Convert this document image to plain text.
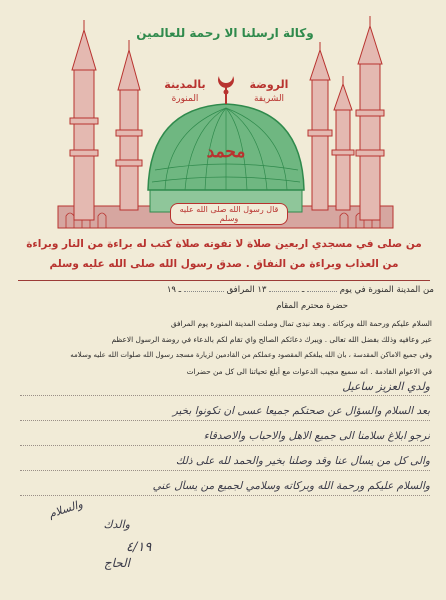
وكالة ارسلنا الا رحمة للعالمين
بالمدينة
المنورة
الروضة
الشريفة
محمد
قال رسول الله صلى الله عليه وسلم
من صلى في مسجدي اربعين صلاة لا تفوته صلاة كتب له براءة من النار وبراءة
من العذاب وبراءة من النفاق . صدق رسول الله صلى الله عليه وسلم
من المدينة المنورة في يوم  ـ  ١٣ المرافق  ـ ١٩
حضرة محترم المقام
السلام عليكم ورحمة الله وبركاته . وبعد نبدى تمال وصلت المدينة المنورة يوم المرافق
عير وعافيه وذلك بفضل الله تعالى . ويبرك دعائكم الصالح واي تقام لكم بالدعاء في روضة الرسول الاعظم
وفي جميع الاماكن المقدسة ، بان الله يبلغكم المقصود وعملكم من القادمين لزيارة مسجد رسول الله صلوات الله عليه وسلامه
في الاعوام القادمة . انه سميع مجيب الدعوات مع أبلغ تحياتنا الى كل من حضرات
ولدي العزيز ساعيل
بعد السلام والسؤال عن صحتكم جميعا عسى ان تكونوا بخير
نرجو ابلاغ سلامنا الى جميع الاهل والاحباب والاصدقاء
والى كل من يسأل عنا وقد وصلنا بخير والحمد لله على ذلك
والسلام عليكم ورحمة الله وبركاته وسلامي لجميع من يسأل عني
والسلام
والدك
الحاج
٤/١٩
